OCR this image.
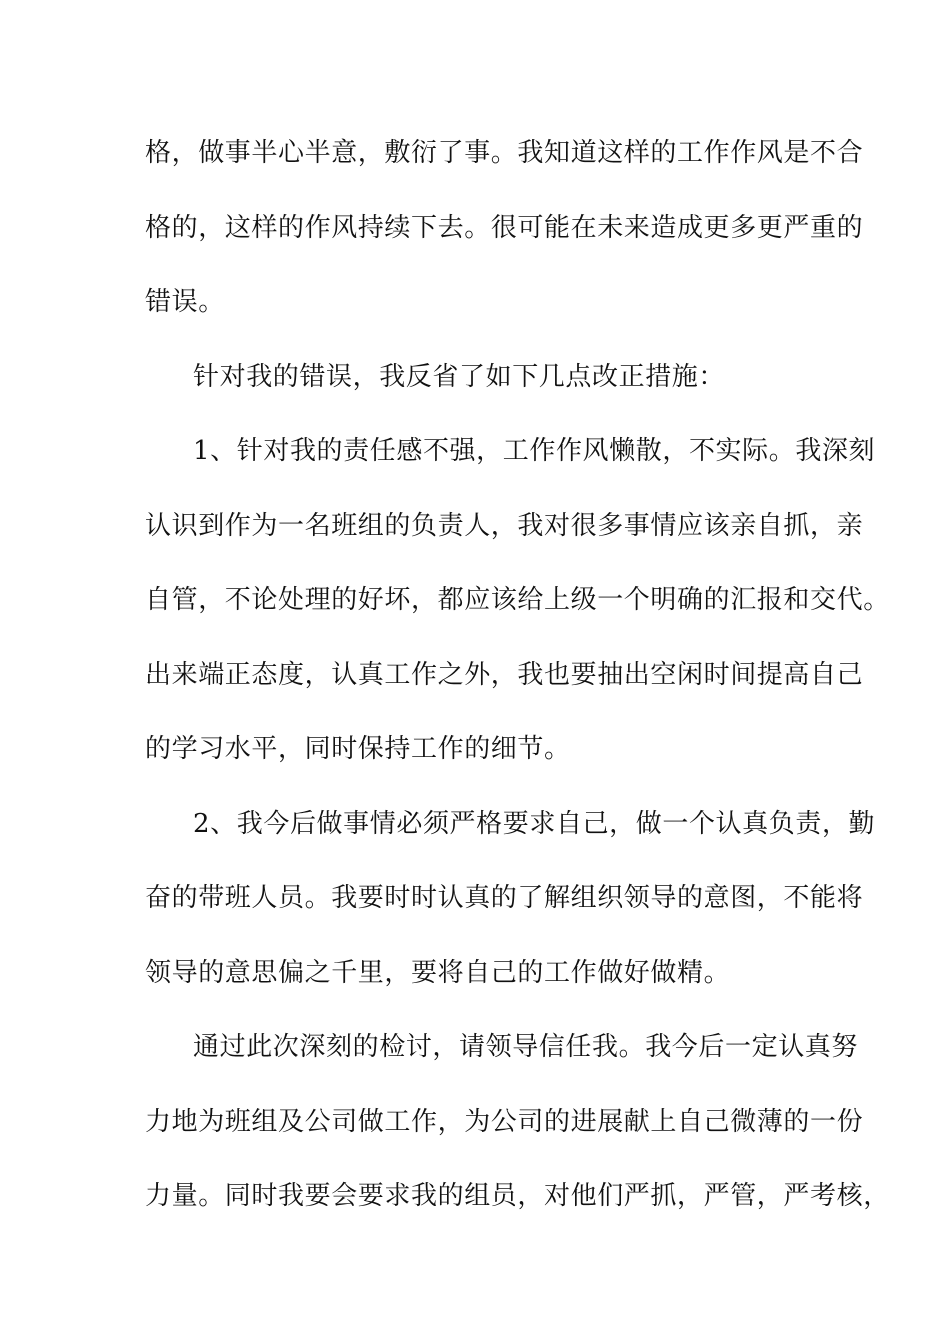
格，做事半心半意，敷衍了事。我知道这样的工作作风是不合
格的，这样的作风持续下去。很可能在未来造成更多更严重的
错误。
针对我的错误，我反省了如下几点改正措施：
1、针对我的责任感不强，工作作风懒散，不实际。我深刻
认识到作为一名班组的负责人，我对很多事情应该亲自抓，亲
自管，不论处理的好坏，都应该给上级一个明确的汇报和交代。
出来端正态度，认真工作之外，我也要抽出空闲时间提高自己
的学习水平，同时保持工作的细节。
2、我今后做事情必须严格要求自己，做一个认真负责，勤
奋的带班人员。我要时时认真的了解组织领导的意图，不能将
领导的意思偏之千里，要将自己的工作做好做精。
通过此次深刻的检讨，请领导信任我。我今后一定认真努
力地为班组及公司做工作，为公司的进展献上自己微薄的一份
力量。同时我要会要求我的组员，对他们严抓，严管，严考核，
